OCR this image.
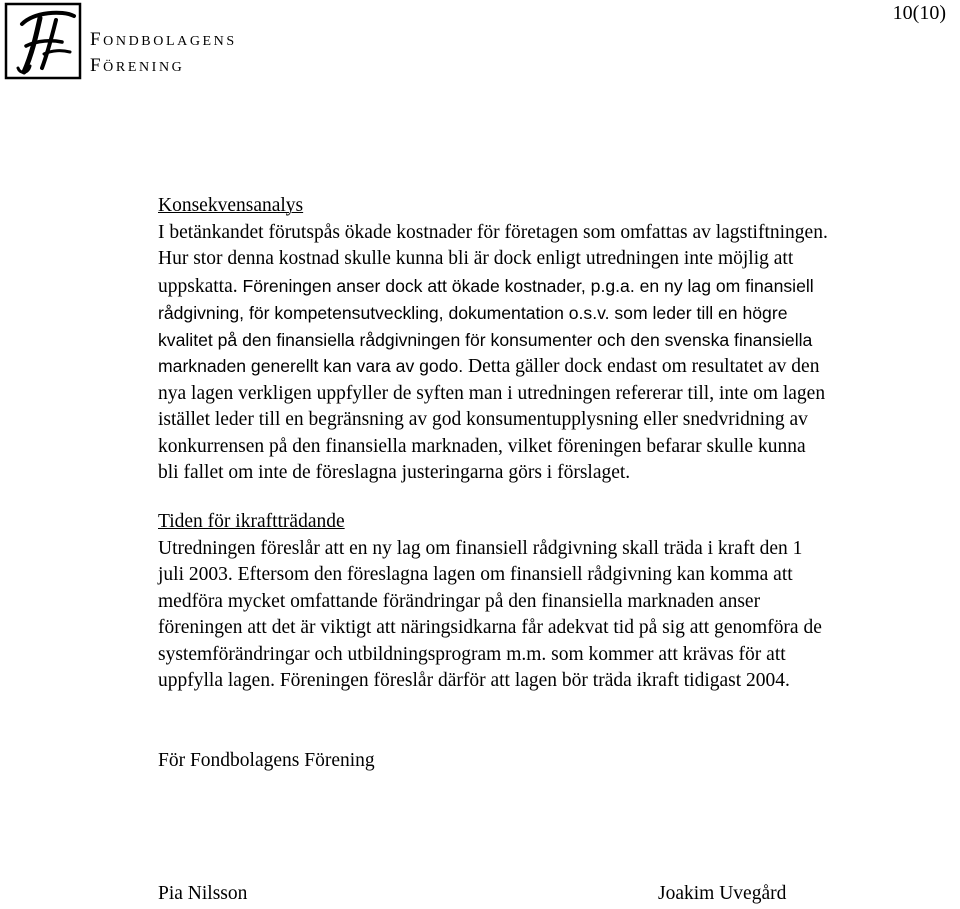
FONDBOLAGENS
FÖRENING
10(10)
Konsekvensanalys
I betänkandet förutspås ökade kostnader för företagen som omfattas av lagstiftningen.
Hur stor denna kostnad skulle kunna bli är dock enligt utredningen inte möjlig att
uppskatta. Föreningen anser dock att ökade kostnader, p.g.a. en ny lag om finansiell
rådgivning, för kompetensutveckling, dokumentation o.s.v. som leder till en högre
kvalitet på den finansiella rådgivningen för konsumenter och den svenska finansiella
marknaden generellt kan vara av godo. Detta gäller dock endast om resultatet av den
nya lagen verkligen uppfyller de syften man i utredningen refererar till, inte om lagen
istället leder till en begränsning av god konsumentupplysning eller snedvridning av
konkurrensen på den finansiella marknaden, vilket föreningen befarar skulle kunna
bli fallet om inte de föreslagna justeringarna görs i förslaget.
Tiden för ikraftträdande
Utredningen föreslår att en ny lag om finansiell rådgivning skall träda i kraft den 1
juli 2003. Eftersom den föreslagna lagen om finansiell rådgivning kan komma att
medföra mycket omfattande förändringar på den finansiella marknaden anser
föreningen att det är viktigt att näringsidkarna får adekvat tid på sig att genomföra de
systemförändringar och utbildningsprogram m.m. som kommer att krävas för att
uppfylla lagen. Föreningen föreslår därför att lagen bör träda ikraft tidigast 2004.
För Fondbolagens Förening
Pia Nilsson	Joakim Uvegård
